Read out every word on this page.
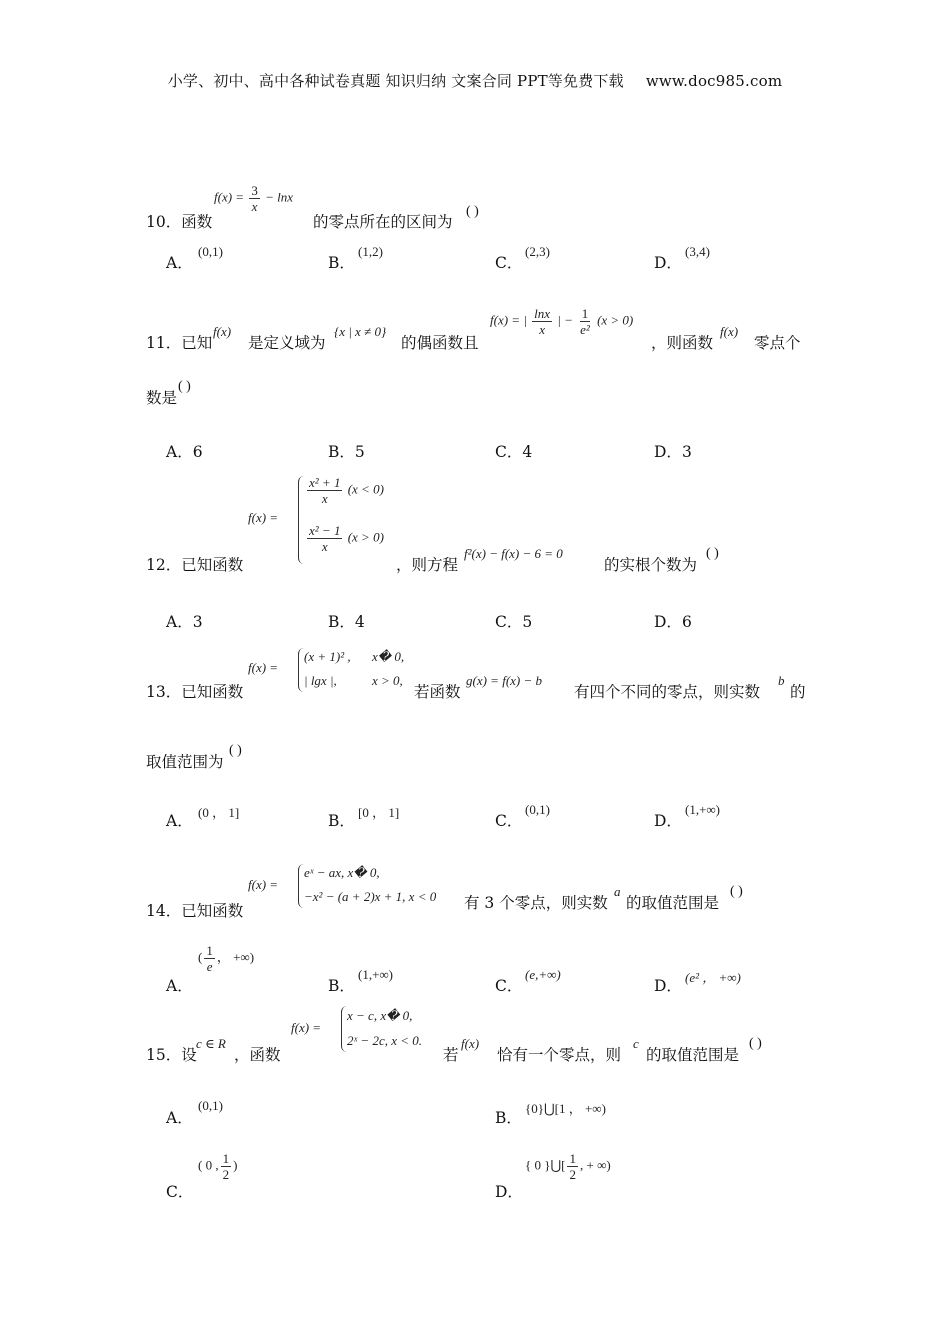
小学、初中、高中各种试卷真题 知识归纳 文案合同 PPT等免费下载 www.doc985.com
$f(x) = \frac{3}{x} - \ln x$
10．函数	的零点所在的区间为
( )
A．
(0,1)
B．
(1,2)
C．
(2,3)
D．
(3,4)
11．已知
f(x)
是定义域为
{x | x ≠ 0}
的偶函数且
f(x) = | $\frac{\ln x}{x}$ | − $\frac{1}{\text{e²}} (x > 0)$
，则函数
f(x)
零点个
数是
( )
A．6	B．5	C．4	D．3
f(x) =
$\frac{\text{x² + 1}}{x} (x < 0)$
$\frac{\text{x² − 1}}{x} (x > 0)$
12．已知函数	，则方程
f²(x) − f(x) − 6 = 0
的实根个数为
( )
A．3	B．4	C．5	D．6
f(x) =
(x + 1)² , x� 0,
| lgx |,	x > 0,
13．已知函数	若函数
g(x) = f(x) − b
有四个不同的零点，则实数
b
的
取值范围为
( )
A． (0 ， 1]	B． [0 ， 1]	C．
(0,1)
D．
(1,+∞)
f(x) =
eˣ − ax, x� 0,
−x² − (a + 2)x + 1, x < 0
14．已知函数	有 3 个零点，则实数
a
的取值范围是
( )
A．
( $\frac{1}{e}$ ， +∞)
B．
(1,+∞)
C．
(e,+∞)
D． (e² ， +∞)
15．设
c ∈ R
，函数
f(x) =
x − c, x� 0,
2ˣ − 2c, x < 0.
若
f(x)
恰有一个零点，则
c
的取值范围是
( )
A．
(0,1)
B．
{0}⋃[1 ， +∞)
C．
( 0 , $\frac{1}{2}$ )
D．
{ 0 }⋃[ $\frac{1}{2}$ , + ∞)
